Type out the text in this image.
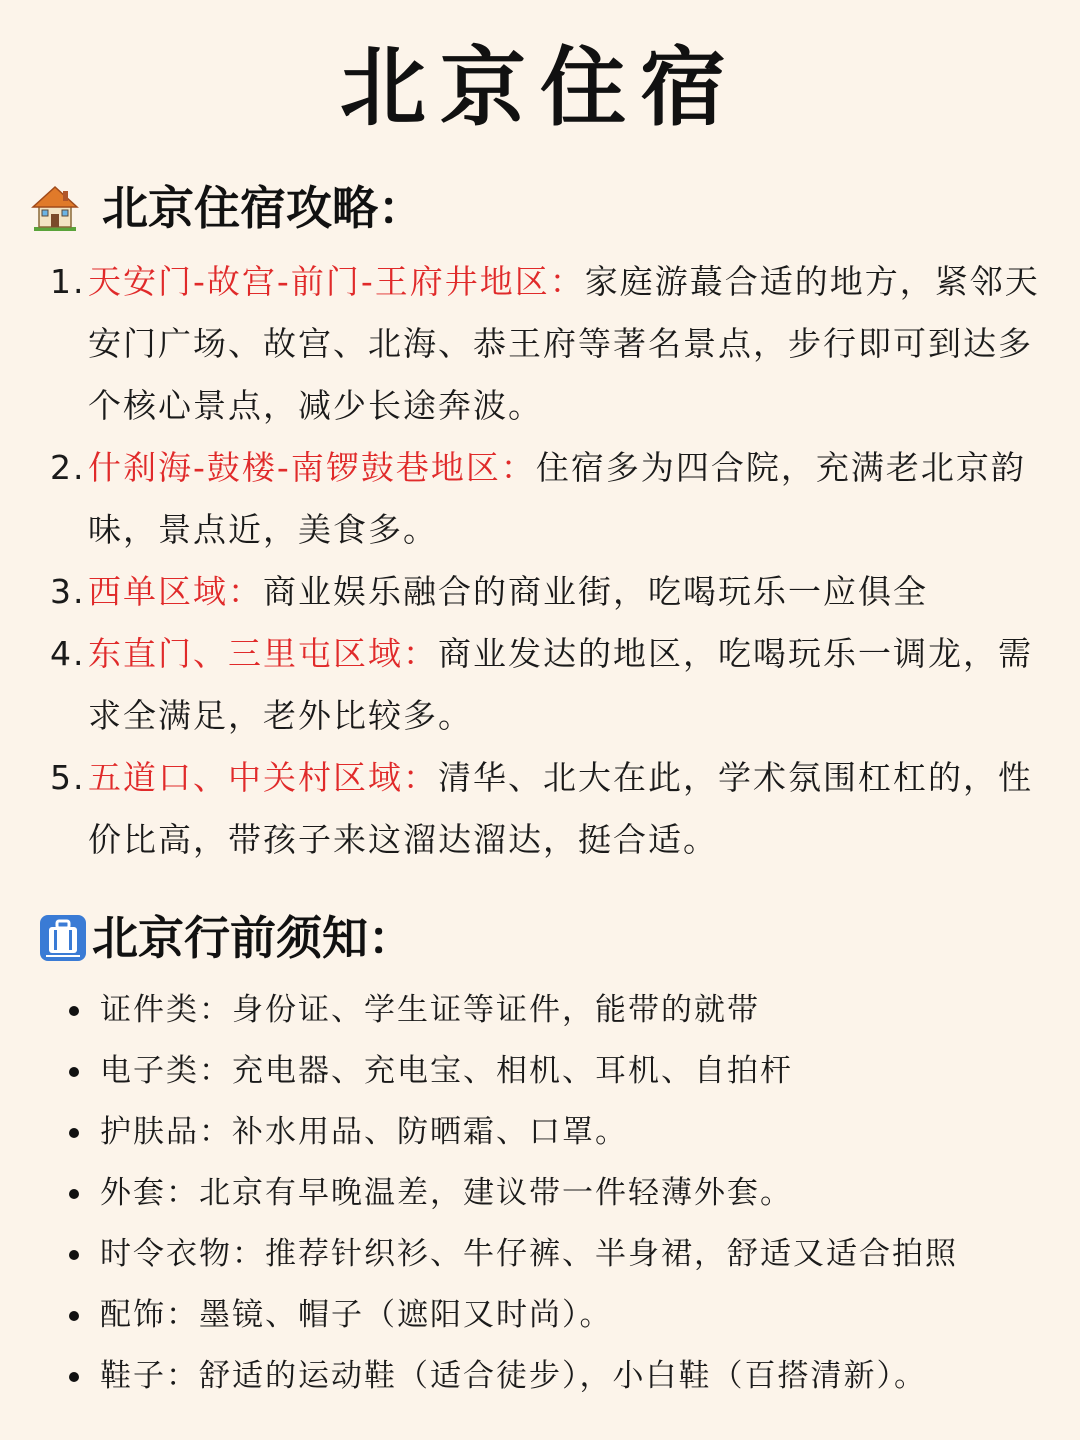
北京住宿
北京住宿攻略：
1. 天安门-故宫-前门-王府井地区：家庭游蕞合适的地方，紧邻天安门广场、故宫、北海、恭王府等著名景点，步行即可到达多个核心景点，减少长途奔波。
2. 什刹海-鼓楼-南锣鼓巷地区：住宿多为四合院，充满老北京韵味，景点近，美食多。
3. 西单区域：商业娱乐融合的商业街，吃喝玩乐一应俱全
4. 东直门、三里屯区域：商业发达的地区，吃喝玩乐一调龙，需求全满足，老外比较多。
5. 五道口、中关村区域：清华、北大在此，学术氛围杠杠的，性价比高，带孩子来这溜达溜达，挺合适。
北京行前须知：
证件类：身份证、学生证等证件，能带的就带
电子类：充电器、充电宝、相机、耳机、自拍杆
护肤品：补水用品、防晒霜、口罩。
外套：北京有早晚温差，建议带一件轻薄外套。
时令衣物：推荐针织衫、牛仔裤、半身裙，舒适又适合拍照
配饰：墨镜、帽子（遮阳又时尚）。
鞋子：舒适的运动鞋（适合徒步），小白鞋（百搭清新）。
